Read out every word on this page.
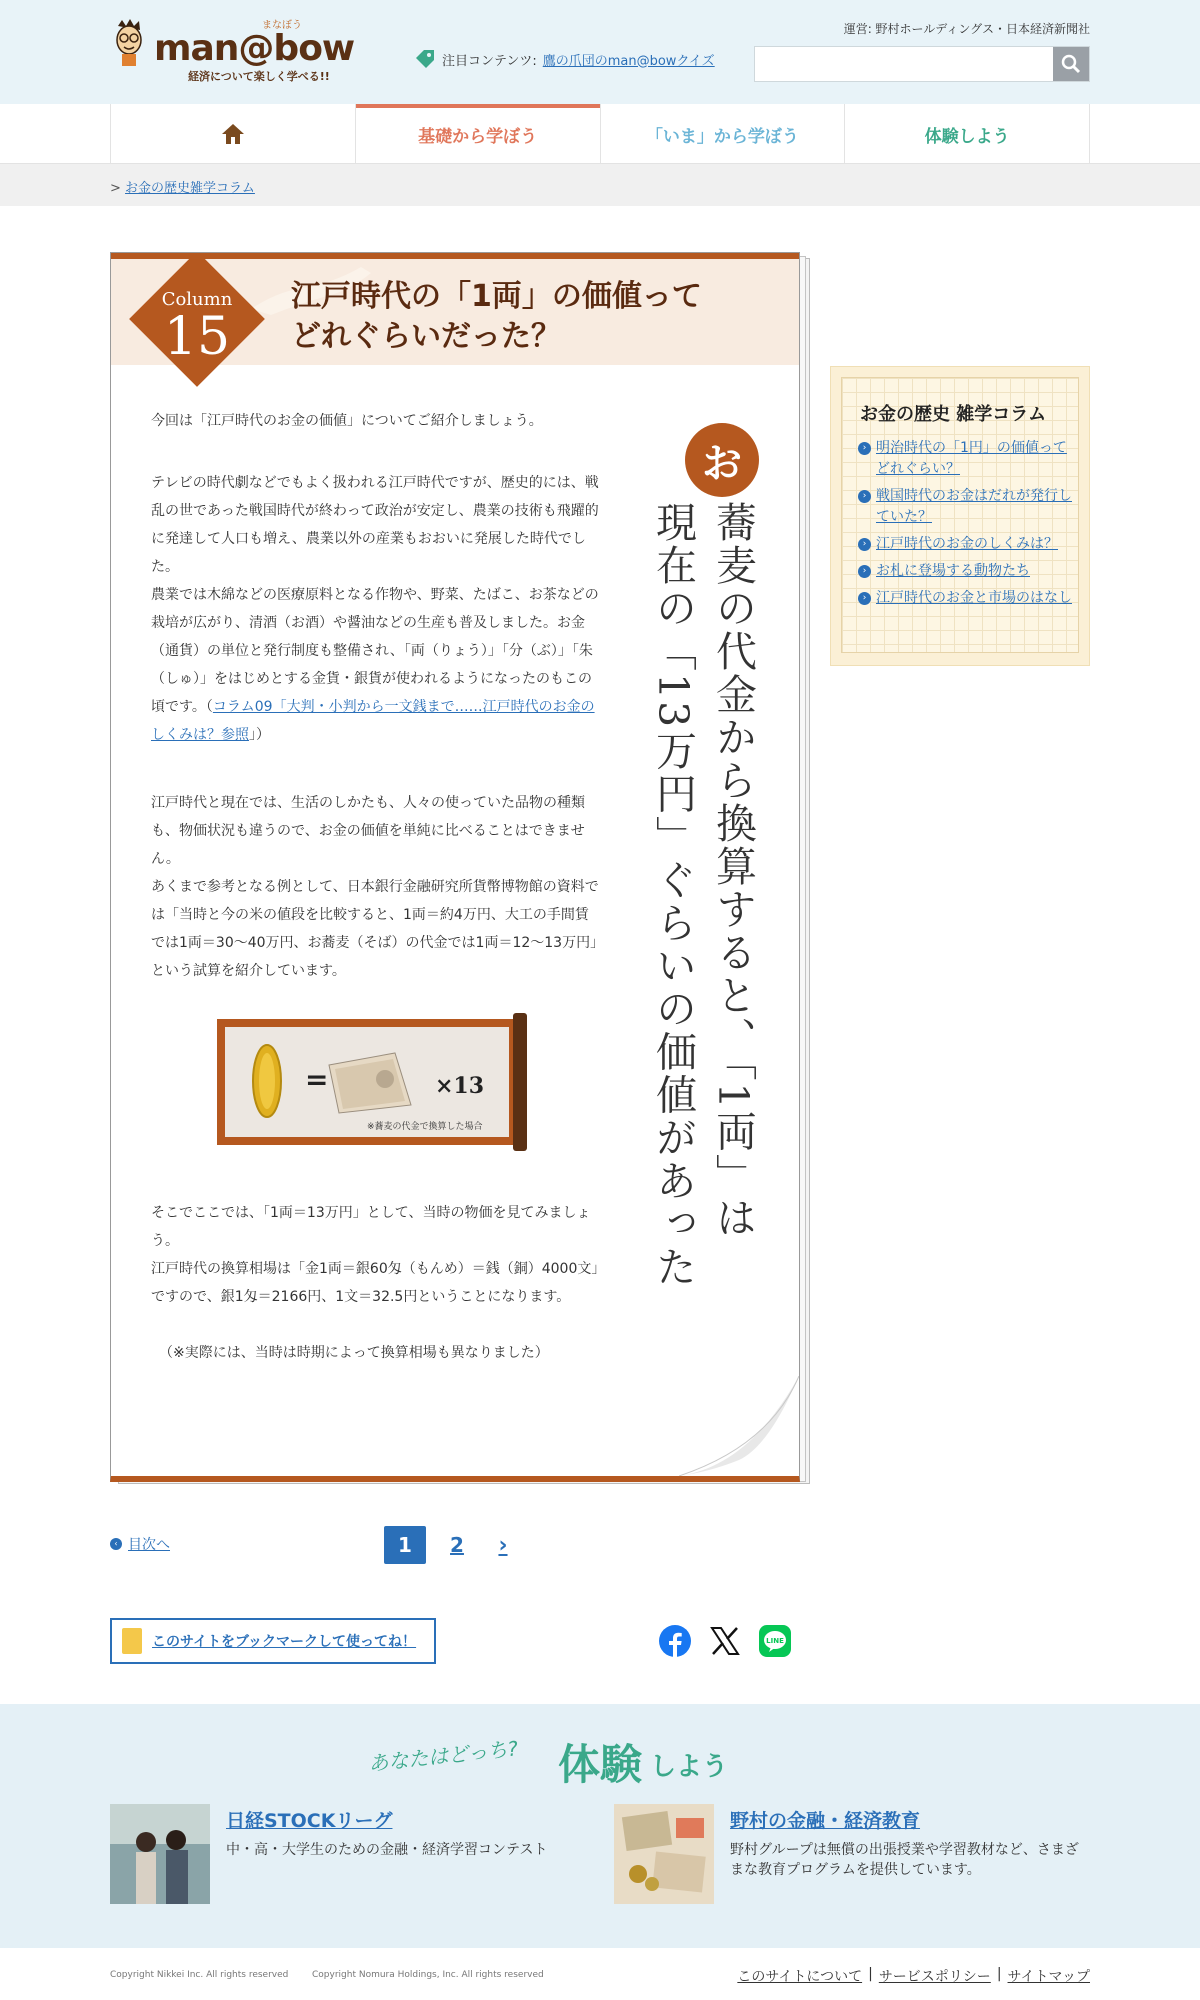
まなぼう
man@bow
経済について楽しく学べる!!
運営: 野村ホールディングス・日本経済新聞社
注目コンテンツ: 鷹の爪団のman@bowクイズ
基礎から学ぼう	「いま」から学ぼう	体験しよう
> お金の歴史雑学コラム
Column
15
江戸時代の「1両」の価値って
どれぐらいだった？
お
蕎麦の代金から換算すると、「1両」は
現在の「13万円」ぐらいの価値があった

今回は「江戸時代のお金の価値」についてご紹介しましょう。

テレビの時代劇などでもよく扱われる江戸時代ですが、歴史的には、戦乱の世であった戦国時代が終わって政治が安定し、農業の技術も飛躍的に発達して人口も増え、農業以外の産業もおおいに発展した時代でした。

農業では木綿などの医療原料となる作物や、野菜、たばこ、お茶などの栽培が広がり、清酒（お酒）や醤油などの生産も普及しました。お金（通貨）の単位と発行制度も整備され、「両（りょう）」「分（ぶ）」「朱（しゅ）」をはじめとする金貨・銀貨が使われるようになったのもこの頃です。（コラム09「大判・小判から一文銭まで……江戸時代のお金のしくみは？参照」）

江戸時代と現在では、生活のしかたも、人々の使っていた品物の種類も、物価状況も違うので、お金の価値を単純に比べることはできません。

あくまで参考となる例として、日本銀行金融研究所貨幣博物館の資料では「当時と今の米の値段を比較すると、1両＝約4万円、大工の手間賃では1両＝30〜40万円、お蕎麦（そば）の代金では1両＝12〜13万円」という試算を紹介しています。

=	×13
※蕎麦の代金で換算した場合

そこでここでは、「1両＝13万円」として、当時の物価を見てみましょう。

江戸時代の換算相場は「金1両＝銀60匁（もんめ）＝銭（銅）4000文」ですので、銀1匁＝2166円、1文＝32.5円ということになります。

（※実際には、当時は時期によって換算相場も異なりました）

お金の歴史 雑学コラム
› 明治時代の「1円」の価値ってどれぐらい？
› 戦国時代のお金はだれが発行していた？
› 江戸時代のお金のしくみは？
› お札に登場する動物たち
› 江戸時代のお金と市場のはなし
‹ 目次へ	1	2	›
このサイトをブックマークして使ってね！	LINE
あなたはどっち? 体験 しよう
日経STOCKリーグ

中・高・大学生のための金融・経済学習コンテスト

野村の金融・経済教育

野村グループは無償の出張授業や学習教材など、さまざまな教育プログラムを提供しています。

Copyright Nikkei Inc. All rights reserved	Copyright Nomura Holdings, Inc. All rights reserved	このサイトについて | サービスポリシー | サイトマップ
